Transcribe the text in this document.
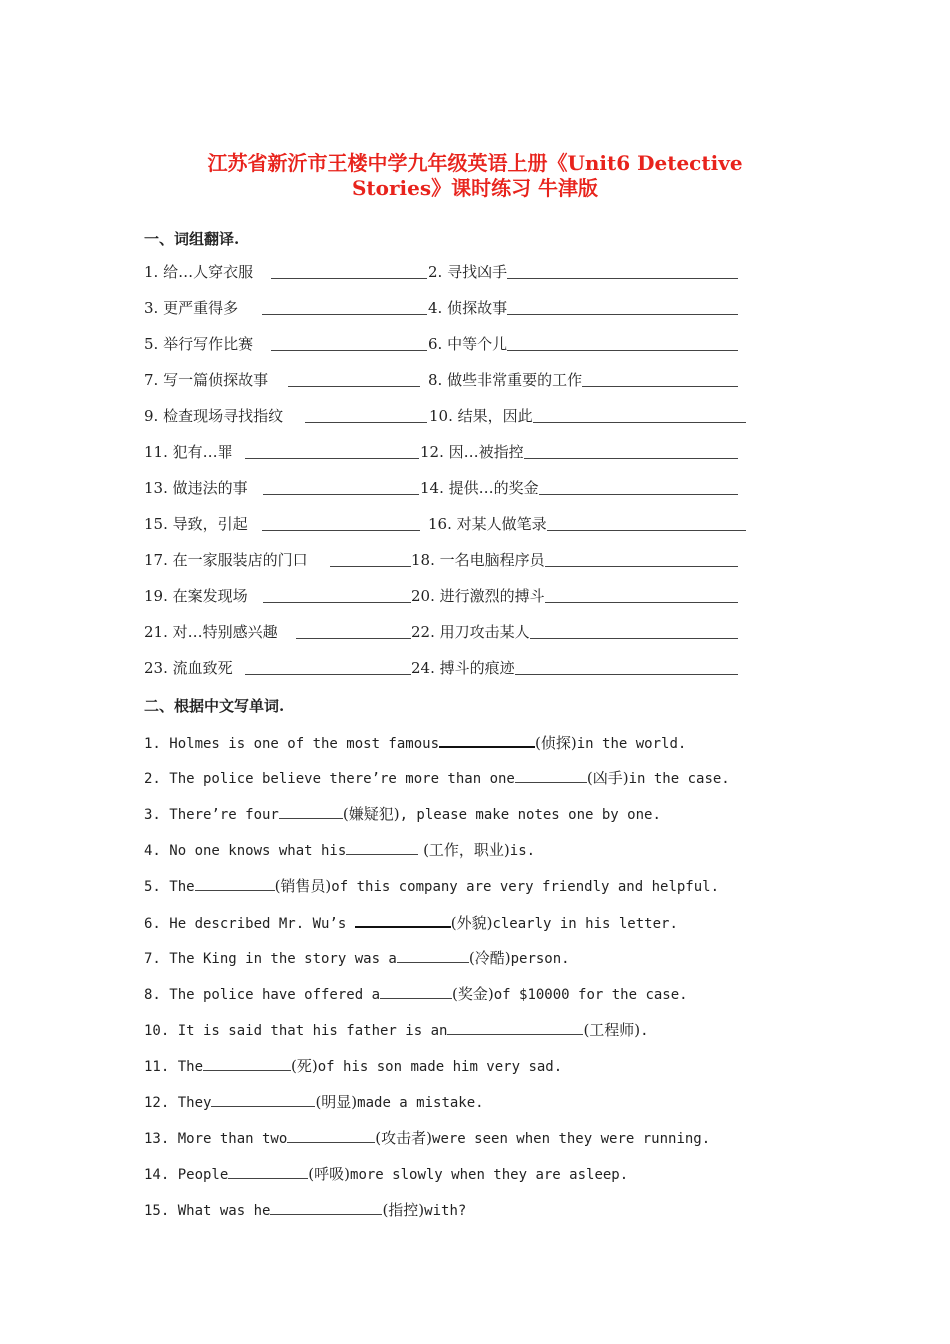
江苏省新沂市王楼中学九年级英语上册《Unit6 Detective
Stories》课时练习 牛津版
一、词组翻译.
1. 给…人穿衣服	2. 寻找凶手
3. 更严重得多	4. 侦探故事
5. 举行写作比赛	6. 中等个儿
7. 写一篇侦探故事	8. 做些非常重要的工作
9. 检查现场寻找指纹	10. 结果，因此
11. 犯有…罪	12. 因…被指控
13. 做违法的事	14. 提供…的奖金
15. 导致，引起	16. 对某人做笔录
17. 在一家服装店的门口	18. 一名电脑程序员
19. 在案发现场	20. 进行激烈的搏斗
21. 对…特别感兴趣	22. 用刀攻击某人
23. 流血致死	24. 搏斗的痕迹
二、根据中文写单词.
1. Holmes is one of the most famous	(侦探)in the world.
2. The police believe there’re more than one	(凶手)in the case.
3. There’re four	(嫌疑犯), please make notes one by one.
4. No one knows what his	(工作，职业)is.
5. The	(销售员)of this company are very friendly and helpful.
6. He described Mr. Wu’s	(外貌)clearly in his letter.
7. The King in the story was a	(冷酷)person.
8. The police have offered a	(奖金)of $10000 for the case.
10. It is said that his father is an	(工程师).
11. The	(死)of his son made him very sad.
12. They	(明显)made a mistake.
13. More than two	(攻击者)were seen when they were running.
14. People	(呼吸)more slowly when they are asleep.
15. What was he	(指控)with?
